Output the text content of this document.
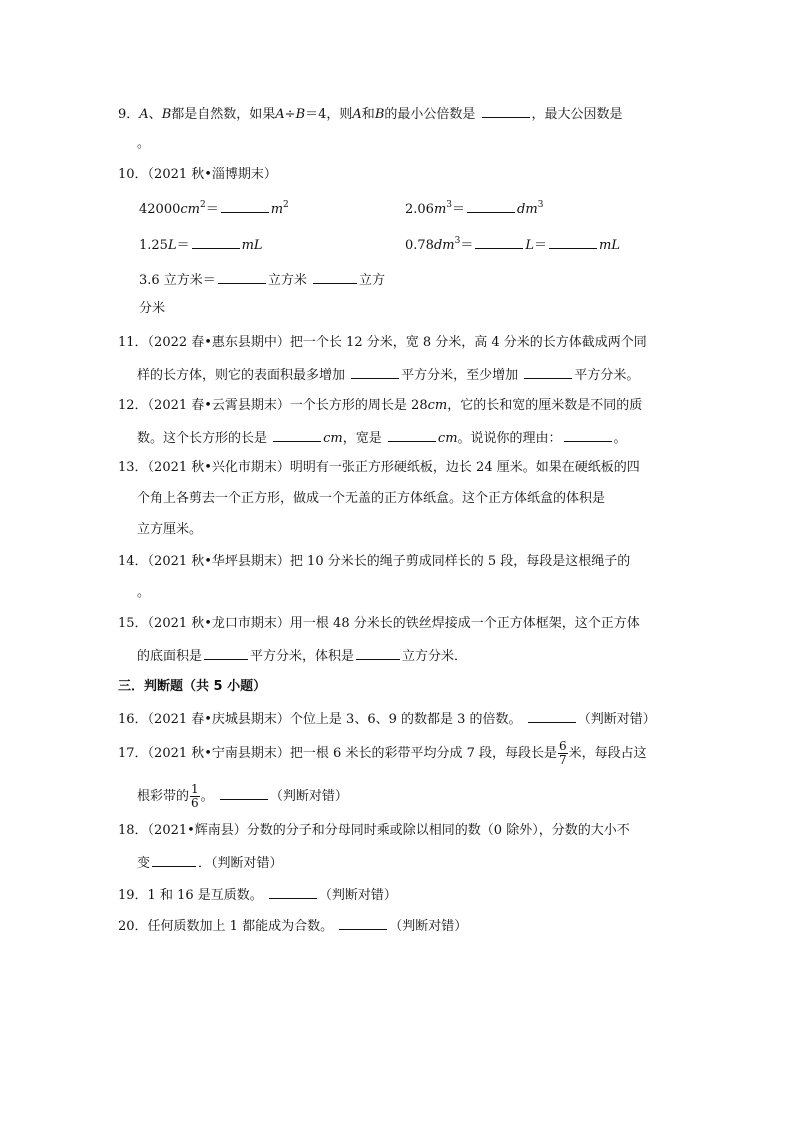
9．A、B都是自然数，如果A÷B＝4，则A和B的最小公倍数是	，最大公因数是
。
10．（2021 秋•淄博期末）
$42000cm^2=$	$m^2$	$2.06m^3=$	$dm^3$
1.25L＝	mL	$0.78dm^3=$	L＝	mL
3.6 立方米＝	立方米	立方
分米
11．（2022 春•惠东县期中）把一个长 12 分米，宽 8 分米，高 4 分米的长方体截成两个同
样的长方体，则它的表面积最多增加	平方分米，至少增加	平方分米。
12．（2021 春•云霄县期末）一个长方形的周长是 28cm，它的长和宽的厘米数是不同的质
数。这个长方形的长是	cm，宽是	cm。说说你的理由：	。
13．（2021 秋•兴化市期末）明明有一张正方形硬纸板，边长 24 厘米。如果在硬纸板的四
个角上各剪去一个正方形，做成一个无盖的正方体纸盒。这个正方体纸盒的体积是
立方厘米。
14．（2021 秋•华坪县期末）把 10 分米长的绳子剪成同样长的 5 段，每段是这根绳子的
。
15．（2021 秋•龙口市期末）用一根 48 分米长的铁丝焊接成一个正方体框架，这个正方体
的底面积是	平方分米，体积是	立方分米．
三．判断题（共 5 小题）
16．（2021 春•庆城县期末）个位上是 3、6、9 的数都是 3 的倍数。	（判断对错）
17．（2021 秋•宁南县期末）把一根 6 米长的彩带平均分成 7 段，每段长是 $\frac{6}{7}$ 米，每段占这
根彩带的 $\frac{1}{6}$ 。	（判断对错）
18．（2021•辉南县）分数的分子和分母同时乘或除以相同的数（0 除外），分数的大小不
变	．（判断对错）
19．1 和 16 是互质数。	（判断对错）
20．任何质数加上 1 都能成为合数。	（判断对错）
